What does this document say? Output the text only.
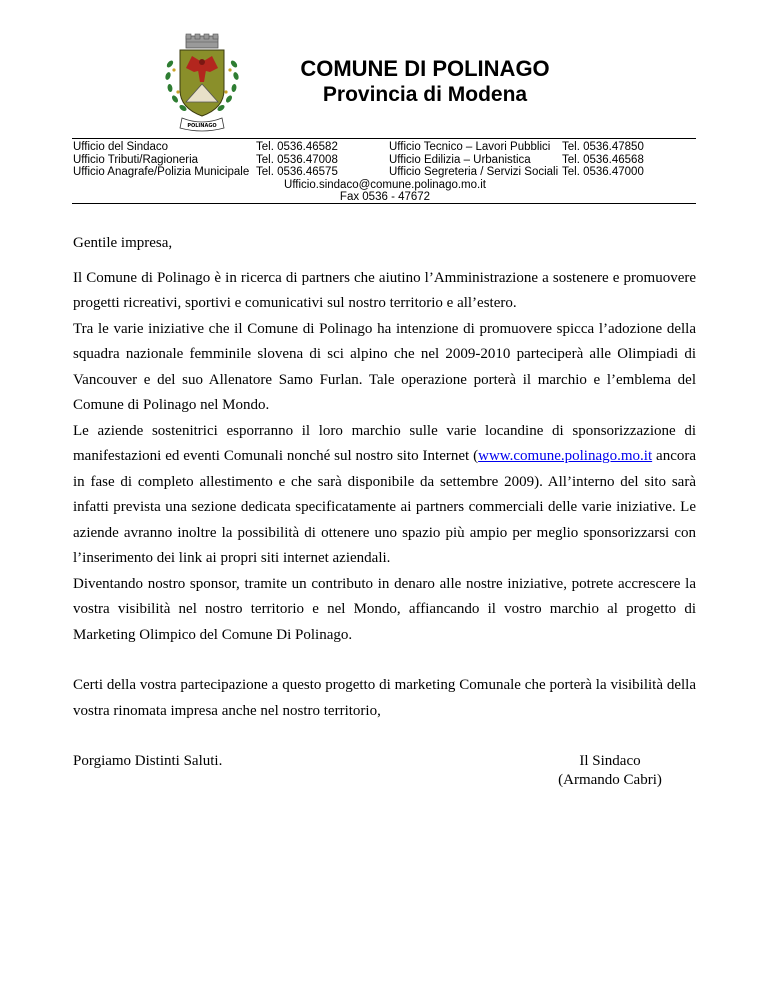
POLINAGO
COMUNE DI POLINAGO
Provincia di Modena
Ufficio del Sindaco	Tel. 0536.46582	Ufficio Tecnico – Lavori Pubblici Tel. 0536.47850
Ufficio Tributi/Ragioneria	Tel. 0536.47008	Ufficio Edilizia – Urbanistica	Tel. 0536.46568
Ufficio Anagrafe/Polizia Municipale Tel. 0536.46575	Ufficio Segreteria / Servizi Sociali Tel. 0536.47000
Ufficio.sindaco@comune.polinago.mo.it
Fax 0536 - 47672

Gentile impresa,

Il Comune di Polinago è in ricerca di partners che aiutino l’Amministrazione a sostenere e promuovere progetti ricreativi, sportivi e comunicativi sul nostro territorio e all’estero.

Tra le varie iniziative che il Comune di Polinago ha intenzione di promuovere spicca l’adozione della squadra nazionale femminile slovena di sci alpino che nel 2009-2010 parteciperà alle Olimpiadi di Vancouver e del suo Allenatore Samo Furlan. Tale operazione porterà il marchio e l’emblema del Comune di Polinago nel Mondo.

Le aziende sostenitrici esporranno il loro marchio sulle varie locandine di sponsorizzazione di manifestazioni ed eventi Comunali nonché sul nostro sito Internet (www.comune.polinago.mo.it ancora in fase di completo allestimento e che sarà disponibile da settembre 2009). All’interno del sito sarà infatti prevista una sezione dedicata specificatamente ai partners commerciali delle varie iniziative. Le aziende avranno inoltre la possibilità di ottenere uno spazio più ampio per meglio sponsorizzarsi con l’inserimento dei link ai propri siti internet aziendali.

Diventando nostro sponsor, tramite un contributo in denaro alle nostre iniziative, potrete accrescere la vostra visibilità nel nostro territorio e nel Mondo, affiancando il vostro marchio al progetto di Marketing Olimpico del Comune Di Polinago.

Certi della vostra partecipazione a questo progetto di marketing Comunale che porterà la visibilità della vostra rinomata impresa anche nel nostro territorio,

Porgiamo Distinti Saluti.	Il Sindaco
(Armando Cabri)
